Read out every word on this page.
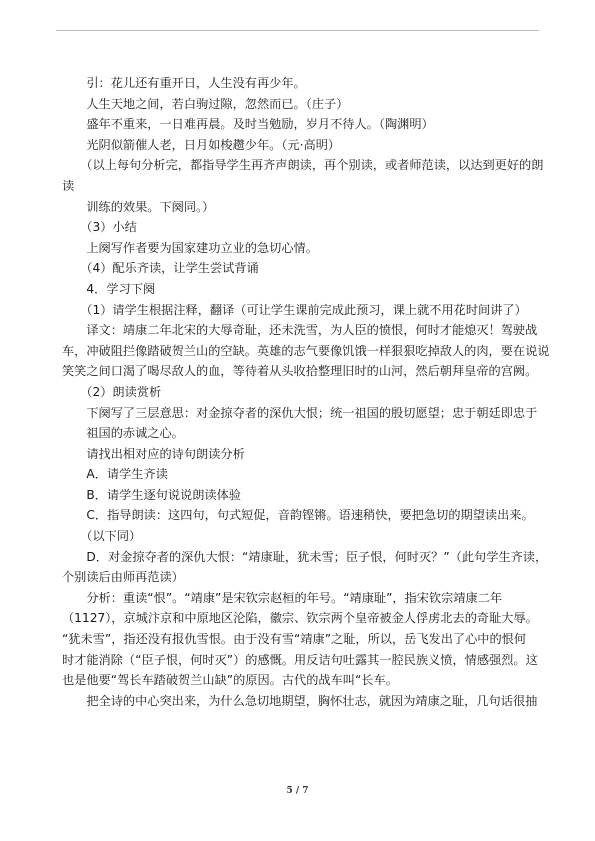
　　引：花儿还有重开日，人生没有再少年。
　　人生天地之间，若白驹过隙，忽然而已。（庄子）
　　盛年不重来，一日难再晨。及时当勉励，岁月不待人。（陶渊明）
　　光阴似箭催人老，日月如梭趱少年。（元·高明）
　　（以上每句分析完，都指导学生再齐声朗读，再个别读，或者师范读，以达到更好的朗
读
　　训练的效果。下阕同。）
　　（3）小结
　　上阕写作者要为国家建功立业的急切心情。
　　（4）配乐齐读，让学生尝试背诵
　　4．学习下阕
　　（1）请学生根据注释，翻译（可让学生课前完成此预习，课上就不用花时间讲了）
　　译文：靖康二年北宋的大辱奇耻，还未洗雪，为人臣的愤恨，何时才能熄灭！驾驶战
车，冲破阻拦像踏破贺兰山的空缺。英雄的志气要像饥饿一样狠狠吃掉敌人的肉，要在说说
笑笑之间口渴了喝尽敌人的血，等待着从头收拾整理旧时的山河，然后朝拜皇帝的宫阙。
　　（2）朗读赏析
　　下阕写了三层意思：对金掠夺者的深仇大恨；统一祖国的殷切愿望；忠于朝廷即忠于
　　祖国的赤诚之心。
　　请找出相对应的诗句朗读分析
　　A．请学生齐读
　　B．请学生逐句说说朗读体验
　　C．指导朗读：这四句，句式短促，音韵铿锵。语速稍快，要把急切的期望读出来。
　　（以下同）
　　D．对金掠夺者的深仇大恨：“靖康耻，犹未雪；臣子恨，何时灭？”（此句学生齐读，
个别读后由师再范读）
　　分析：重读“恨”。“靖康”是宋钦宗赵桓的年号。“靖康耻”，指宋钦宗靖康二年
（1127），京城汴京和中原地区沦陷，徽宗、钦宗两个皇帝被金人俘虏北去的奇耻大辱。
“犹未雪”，指还没有报仇雪恨。由于没有雪“靖康”之耻，所以，岳飞发出了心中的恨何
时才能消除（“臣子恨，何时灭”）的感慨。用反诘句吐露其一腔民族义愤，情感强烈。这
也是他要“驾长车踏破贺兰山缺”的原因。古代的战车叫“长车。
　　把全诗的中心突出来，为什么急切地期望，胸怀壮志，就因为靖康之耻，几句话很抽
5 / 7
